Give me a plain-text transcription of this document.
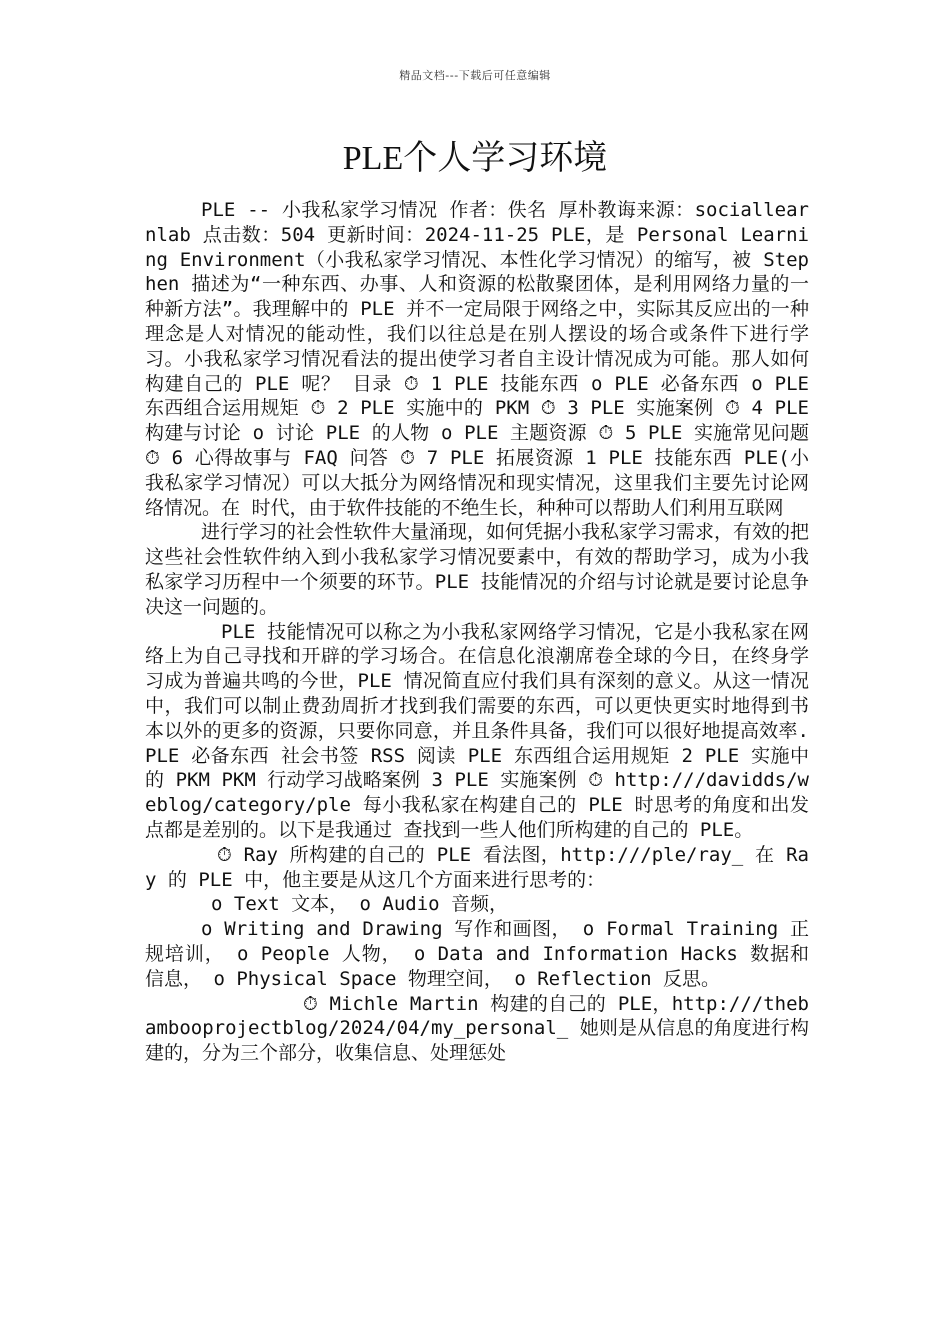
精品文档---下载后可任意编辑
PLE个人学习环境

PLE -- 小我私家学习情况 作者：佚名 厚朴教诲来源：sociallearnlab 点击数：504 更新时间：2024-11-25 PLE，是 Personal Learning Environment（小我私家学习情况、本性化学习情况）的缩写，被 Stephen 描述为“一种东西、办事、人和资源的松散聚团体，是利用网络力量的一种新方法”。我理解中的 PLE 并不一定局限于网络之中，实际其反应出的一种理念是人对情况的能动性，我们以往总是在别人摆设的场合或条件下进行学习。小我私家学习情况看法的提出使学习者自主设计情况成为可能。那人如何构建自己的 PLE 呢？ 目录 ⏱ 1 PLE 技能东西 o PLE 必备东西 o PLE 东西组合运用规矩 ⏱ 2 PLE 实施中的 PKM ⏱ 3 PLE 实施案例 ⏱ 4 PLE 构建与讨论 o 讨论 PLE 的人物 o PLE 主题资源 ⏱ 5 PLE 实施常见问题 ⏱ 6 心得故事与 FAQ 问答 ⏱ 7 PLE 拓展资源 1 PLE 技能东西 PLE(小我私家学习情况）可以大抵分为网络情况和现实情况，这里我们主要先讨论网络情况。在 时代，由于软件技能的不绝生长，种种可以帮助人们利用互联网

进行学习的社会性软件大量涌现，如何凭据小我私家学习需求，有效的把这些社会性软件纳入到小我私家学习情况要素中，有效的帮助学习，成为小我私家学习历程中一个须要的环节。PLE 技能情况的介绍与讨论就是要讨论息争决这一问题的。

PLE 技能情况可以称之为小我私家网络学习情况，它是小我私家在网络上为自己寻找和开辟的学习场合。在信息化浪潮席卷全球的今日，在终身学习成为普遍共鸣的今世，PLE 情况简直应付我们具有深刻的意义。从这一情况中，我们可以制止费劲周折才找到我们需要的东西，可以更快更实时地得到书本以外的更多的资源，只要你同意，并且条件具备，我们可以很好地提高效率. PLE 必备东西 社会书签 RSS 阅读 PLE 东西组合运用规矩 2 PLE 实施中的 PKM PKM 行动学习战略案例 3 PLE 实施案例 ⏱ http:///davidds/weblog/category/ple 每小我私家在构建自己的 PLE 时思考的角度和出发点都是差别的。以下是我通过 查找到一些人他们所构建的自己的 PLE。

⏱ Ray 所构建的自己的 PLE 看法图，http:///ple/ray_ 在 Ray 的 PLE 中，他主要是从这几个方面来进行思考的：

o Text 文本， o Audio 音频，

o Writing and Drawing 写作和画图， o Formal Training 正规培训， o People 人物， o Data and Information Hacks 数据和信息， o Physical Space 物理空间， o Reflection 反思。

⏱ Michle Martin 构建的自己的 PLE，http:///thebambooprojectblog/2024/04/my_personal_ 她则是从信息的角度进行构建的，分为三个部分，收集信息、处理惩处
